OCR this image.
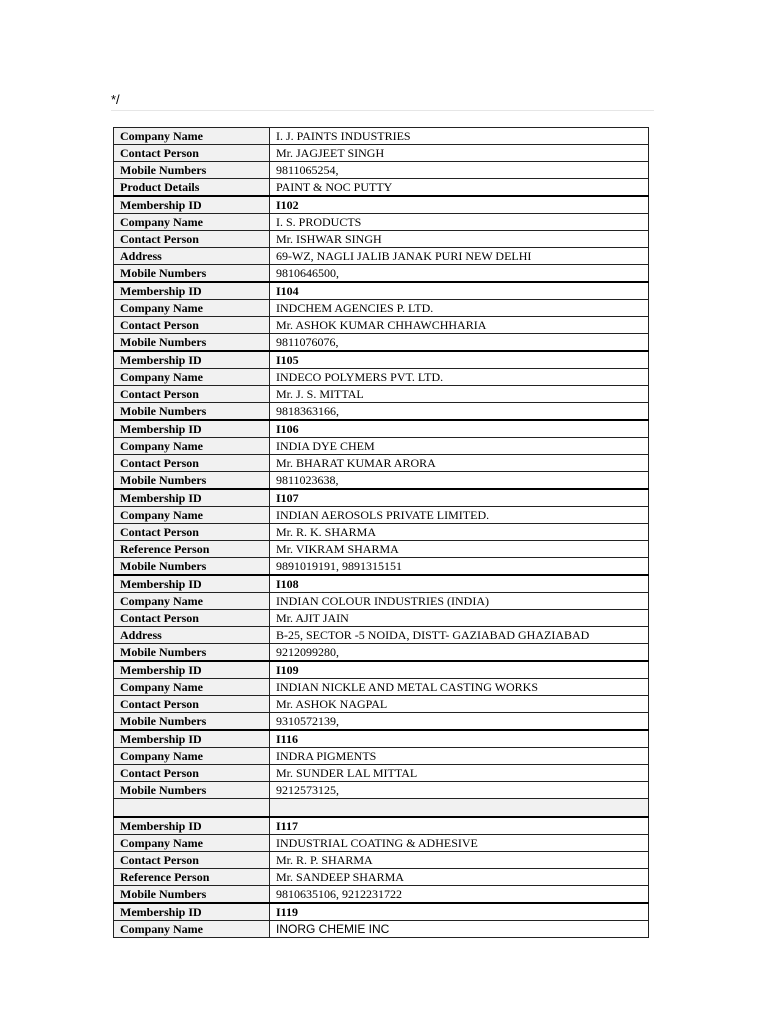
*/
Company Name	I. J. PAINTS INDUSTRIES
Contact Person	Mr. JAGJEET SINGH
Mobile Numbers	9811065254,
Product Details	PAINT & NOC PUTTY
Membership ID	I102
Company Name	I. S. PRODUCTS
Contact Person	Mr. ISHWAR SINGH
Address	69-WZ, NAGLI JALIB JANAK PURI NEW DELHI
Mobile Numbers	9810646500,
Membership ID	I104
Company Name	INDCHEM AGENCIES P. LTD.
Contact Person	Mr. ASHOK KUMAR CHHAWCHHARIA
Mobile Numbers	9811076076,
Membership ID	I105
Company Name	INDECO POLYMERS PVT. LTD.
Contact Person	Mr. J. S. MITTAL
Mobile Numbers	9818363166,
Membership ID	I106
Company Name	INDIA DYE CHEM
Contact Person	Mr. BHARAT KUMAR ARORA
Mobile Numbers	9811023638,
Membership ID	I107
Company Name	INDIAN AEROSOLS PRIVATE LIMITED.
Contact Person	Mr. R. K. SHARMA
Reference Person	Mr. VIKRAM SHARMA
Mobile Numbers	9891019191, 9891315151
Membership ID	I108
Company Name	INDIAN COLOUR INDUSTRIES (INDIA)
Contact Person	Mr. AJIT JAIN
Address	B-25, SECTOR -5 NOIDA, DISTT- GAZIABAD GHAZIABAD
Mobile Numbers	9212099280,
Membership ID	I109
Company Name	INDIAN NICKLE AND METAL CASTING WORKS
Contact Person	Mr. ASHOK NAGPAL
Mobile Numbers	9310572139,
Membership ID	I116
Company Name	INDRA PIGMENTS
Contact Person	Mr. SUNDER LAL MITTAL
Mobile Numbers	9212573125,

Membership ID	I117
Company Name	INDUSTRIAL COATING & ADHESIVE
Contact Person	Mr. R. P. SHARMA
Reference Person	Mr. SANDEEP SHARMA
Mobile Numbers	9810635106, 9212231722
Membership ID	I119
Company Name	INORG CHEMIE INC
